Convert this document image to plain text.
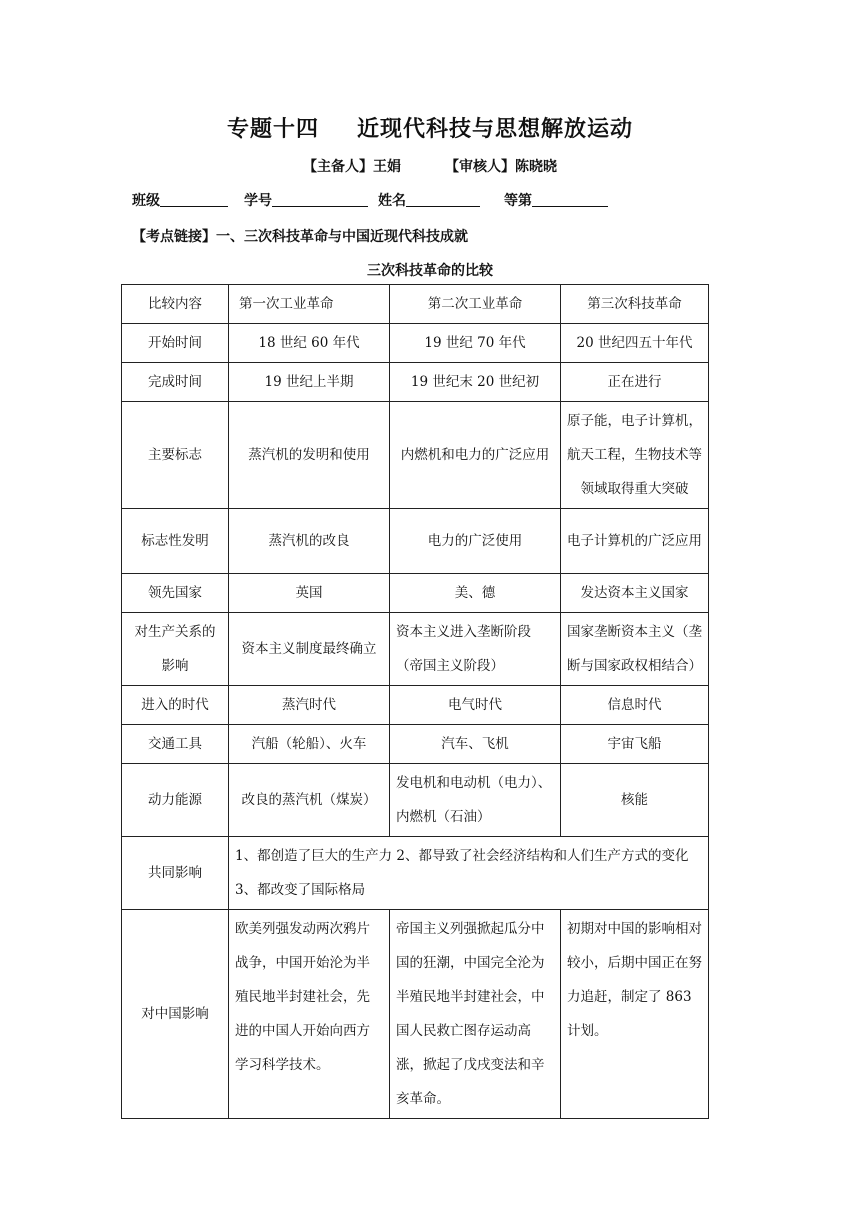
专题十四 近现代科技与思想解放运动
【主备人】王娟	【审核人】陈晓晓
班级	学号	姓名	等第
【考点链接】一、三次科技革命与中国近现代科技成就
三次科技革命的比较
比较内容	第一次工业革命	第二次工业革命	第三次科技革命
开始时间	18 世纪 60 年代	19 世纪 70 年代	20 世纪四五十年代
完成时间	19 世纪上半期	19 世纪末 20 世纪初	正在进行
主要标志	蒸汽机的发明和使用	内燃机和电力的广泛应用	原子能，电子计算机，航天工程，生物技术等领域取得重大突破
标志性发明	蒸汽机的改良	电力的广泛使用	电子计算机的广泛应用
领先国家	英国	美、德	发达资本主义国家
对生产关系的影响	资本主义制度最终确立	资本主义进入垄断阶段（帝国主义阶段）	国家垄断资本主义（垄断与国家政权相结合）
进入的时代	蒸汽时代	电气时代	信息时代
交通工具	汽船（轮船）、火车	汽车、飞机	宇宙飞船
动力能源	改良的蒸汽机（煤炭）	发电机和电动机（电力）、内燃机（石油）	核能
共同影响	1、都创造了巨大的生产力 2、都导致了社会经济结构和人们生产方式的变化 3、都改变了国际格局		
对中国影响	欧美列强发动两次鸦片战争，中国开始沦为半殖民地半封建社会，先进的中国人开始向西方学习科学技术。	帝国主义列强掀起瓜分中国的狂潮，中国完全沦为半殖民地半封建社会，中国人民救亡图存运动高涨，掀起了戊戌变法和辛亥革命。	初期对中国的影响相对较小，后期中国正在努力追赶，制定了 863 计划。
